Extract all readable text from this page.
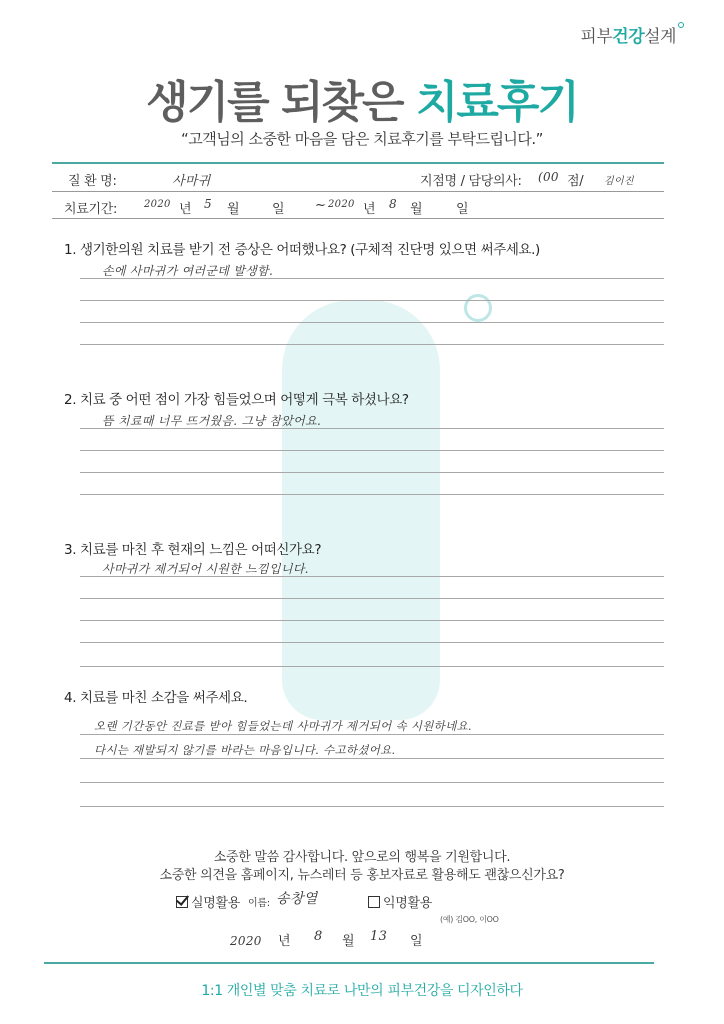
피부건강설계
생기를 되찾은 치료후기
“고객님의 소중한 마음을 담은 치료후기를 부탁드립니다.”
질 환 명:	사마귀	지점명 / 담당의사: (00 점/ 김이진
치료기간:	2020 년 5 월	일 ~ 2020 년 8 월	일
1. 생기한의원 치료를 받기 전 증상은 어떠했나요? (구체적 진단명 있으면 써주세요.)
손에 사마귀가 여러군데 발생함.
2. 치료 중 어떤 점이 가장 힘들었으며 어떻게 극복 하셨나요?
뜸 치료때 너무 뜨거웠음. 그냥 참았어요.
3. 치료를 마친 후 현재의 느낌은 어떠신가요?
사마귀가 제거되어 시원한 느낌입니다.
4. 치료를 마친 소감을 써주세요.
오랜 기간동안 진료를 받아 힘들었는데 사마귀가 제거되어 속 시원하네요.
다시는 재발되지 않기를 바라는 마음입니다. 수고하셨어요.
소중한 말씀 감사합니다. 앞으로의 행복을 기원합니다.
소중한 의견을 홈페이지, 뉴스레터 등 홍보자료로 활용해도 괜찮으신가요?
실명활용 이름: 송창열	익명활용
(예) 김OO, 이OO
2020 년 8 월 13 일
1:1 개인별 맞춤 치료로 나만의 피부건강을 디자인하다
